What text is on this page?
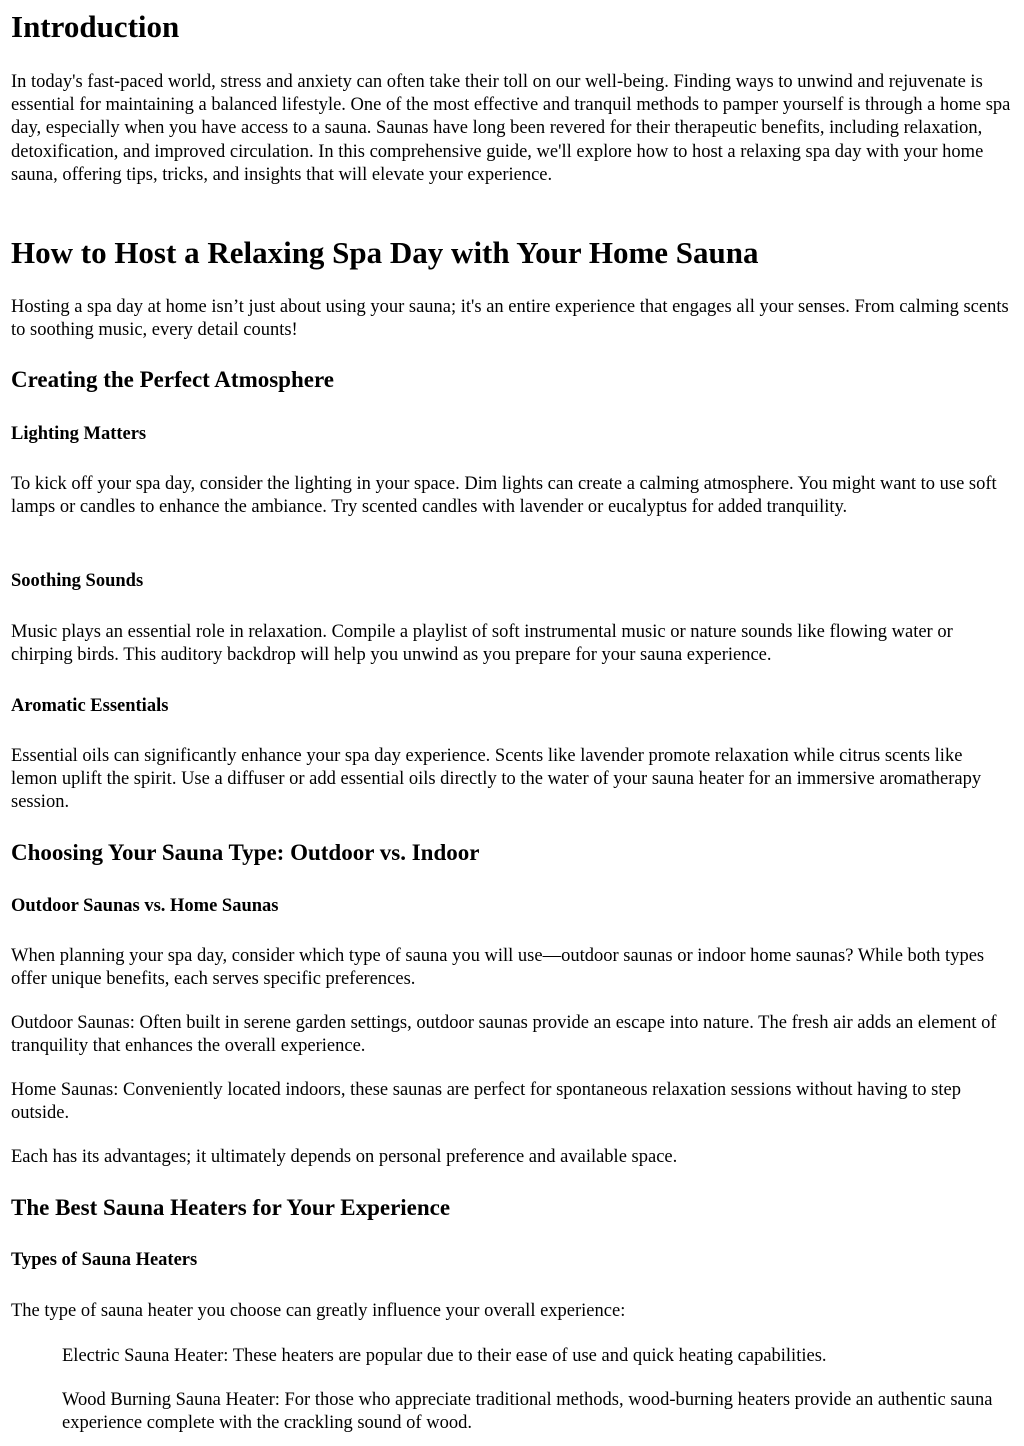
Introduction

In today's fast-paced world, stress and anxiety can often take their toll on our well-being. Finding ways to unwind and rejuvenate is essential for maintaining a balanced lifestyle. One of the most effective and tranquil methods to pamper yourself is through a home spa day, especially when you have access to a sauna. Saunas have long been revered for their therapeutic benefits, including relaxation, detoxification, and improved circulation. In this comprehensive guide, we'll explore how to host a relaxing spa day with your home sauna, offering tips, tricks, and insights that will elevate your experience.

How to Host a Relaxing Spa Day with Your Home Sauna

Hosting a spa day at home isn’t just about using your sauna; it's an entire experience that engages all your senses. From calming scents to soothing music, every detail counts!

Creating the Perfect Atmosphere
Lighting Matters

To kick off your spa day, consider the lighting in your space. Dim lights can create a calming atmosphere. You might want to use soft lamps or candles to enhance the ambiance. Try scented candles with lavender or eucalyptus for added tranquility.

Soothing Sounds

Music plays an essential role in relaxation. Compile a playlist of soft instrumental music or nature sounds like flowing water or chirping birds. This auditory backdrop will help you unwind as you prepare for your sauna experience.

Aromatic Essentials

Essential oils can significantly enhance your spa day experience. Scents like lavender promote relaxation while citrus scents like lemon uplift the spirit. Use a diffuser or add essential oils directly to the water of your sauna heater for an immersive aromatherapy session.

Choosing Your Sauna Type: Outdoor vs. Indoor
Outdoor Saunas vs. Home Saunas

When planning your spa day, consider which type of sauna you will use—outdoor saunas or indoor home saunas? While both types offer unique benefits, each serves specific preferences.

Outdoor Saunas: Often built in serene garden settings, outdoor saunas provide an escape into nature. The fresh air adds an element of tranquility that enhances the overall experience.

Home Saunas: Conveniently located indoors, these saunas are perfect for spontaneous relaxation sessions without having to step outside.

Each has its advantages; it ultimately depends on personal preference and available space.

The Best Sauna Heaters for Your Experience
Types of Sauna Heaters

The type of sauna heater you choose can greatly influence your overall experience:

Electric Sauna Heater: These heaters are popular due to their ease of use and quick heating capabilities.

Wood Burning Sauna Heater: For those who appreciate traditional methods, wood-burning heaters provide an authentic sauna experience complete with the crackling sound of wood.
